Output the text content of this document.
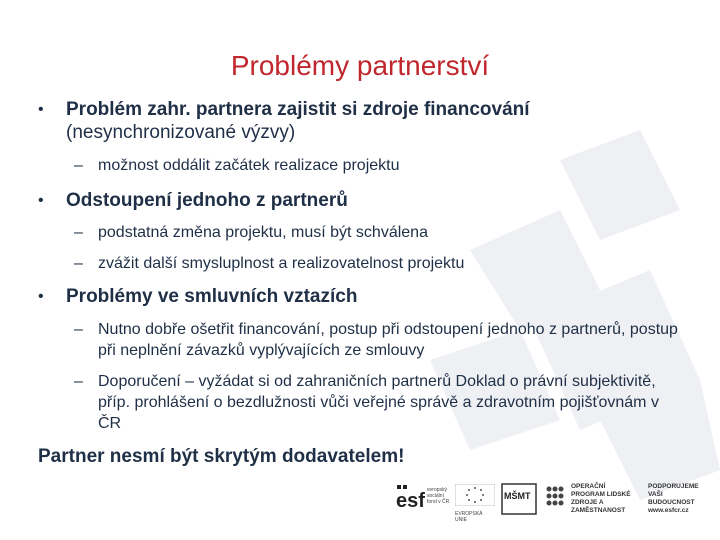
Problémy partnerství
• Problém zahr. partnera zajistit si zdroje financování
(nesynchronizované výzvy)
– možnost oddálit začátek realizace projektu
• Odstoupení jednoho z partnerů
– podstatná změna projektu, musí být schválena
– zvážit další smysluplnost a realizovatelnost projektu
• Problémy ve smluvních vztazích
– Nutno dobře ošetřit financování, postup při odstoupení jednoho z partnerů, postup při neplnění závazků vyplývajících ze smlouvy
– Doporučení – vyžádat si od zahraničních partnerů Doklad o právní subjektivitě, příp. prohlášení o bezdlužnosti vůči veřejné správě a zdravotním pojišťovnám v ČR
Partner nesmí být skrytým dodavatelem!
esf evropský sociální fond v ČR
EVROPSKÁ UNIE
MŠMT
OPERAČNÍ PROGRAM LIDSKÉ ZDROJE A ZAMĚSTNANOST
PODPORUJEME VAŠI BUDOUCNOST www.esfcr.cz
